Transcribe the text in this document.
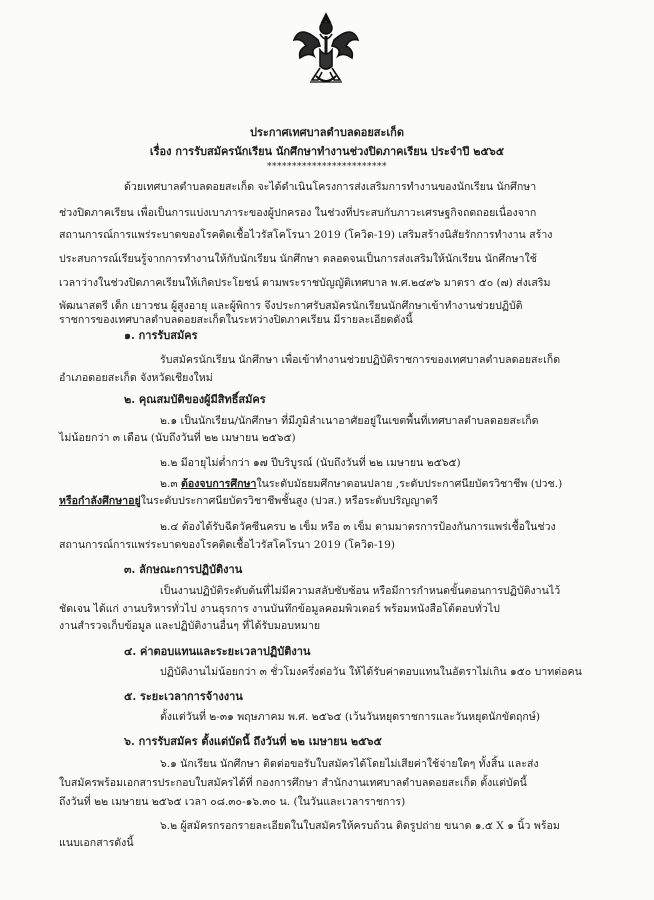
ประกาศเทศบาลตำบลดอยสะเก็ด
เรื่อง การรับสมัครนักเรียน นักศึกษาทำงานช่วงปิดภาคเรียน ประจำปี ๒๕๖๕
************************
ด้วยเทศบาลตำบลดอยสะเก็ด จะได้ดำเนินโครงการส่งเสริมการทำงานของนักเรียน นักศึกษา
ช่วงปิดภาคเรียน เพื่อเป็นการแบ่งเบาภาระของผู้ปกครอง ในช่วงที่ประสบกับภาวะเศรษฐกิจถดถอยเนื่องจาก
สถานการณ์การแพร่ระบาดของโรคติดเชื้อไวรัสโคโรนา 2019 (โควิด-19) เสริมสร้างนิสัยรักการทำงาน สร้าง
ประสบการณ์เรียนรู้จากการทำงานให้กับนักเรียน นักศึกษา ตลอดจนเป็นการส่งเสริมให้นักเรียน นักศึกษาใช้
เวลาว่างในช่วงปิดภาคเรียนให้เกิดประโยชน์ ตามพระราชบัญญัติเทศบาล พ.ศ.๒๔๙๖ มาตรา ๕๐ (๗) ส่งเสริม
พัฒนาสตรี เด็ก เยาวชน ผู้สูงอายุ และผู้พิการ จึงประกาศรับสมัครนักเรียนนักศึกษาเข้าทำงานช่วยปฏิบัติ
ราชการของเทศบาลตำบลดอยสะเก็ดในระหว่างปิดภาคเรียน มีรายละเอียดดังนี้
๑. การรับสมัคร
รับสมัครนักเรียน นักศึกษา เพื่อเข้าทำงานช่วยปฏิบัติราชการของเทศบาลตำบลดอยสะเก็ด
อำเภอดอยสะเก็ด จังหวัดเชียงใหม่
๒. คุณสมบัติของผู้มีสิทธิ์สมัคร
๒.๑ เป็นนักเรียน/นักศึกษา ที่มีภูมิลำเนาอาศัยอยู่ในเขตพื้นที่เทศบาลตำบลดอยสะเก็ด
ไม่น้อยกว่า ๓ เดือน (นับถึงวันที่ ๒๒ เมษายน ๒๕๖๕)
๒.๒ มีอายุไม่ต่ำกว่า ๑๗ ปีบริบูรณ์ (นับถึงวันที่ ๒๒ เมษายน ๒๕๖๕)
๒.๓ ต้องจบการศึกษาในระดับมัธยมศึกษาตอนปลาย ,ระดับประกาศนียบัตรวิชาชีพ (ปวช.)
หรือกำลังศึกษาอยู่ในระดับประกาศนียบัตรวิชาชีพชั้นสูง (ปวส.) หรือระดับปริญญาตรี
๒.๔ ต้องได้รับฉีดวัคซีนครบ ๒ เข็ม หรือ ๓ เข็ม ตามมาตรการป้องกันการแพร่เชื้อในช่วง
สถานการณ์การแพร่ระบาดของโรคติดเชื้อไวรัสโคโรนา 2019 (โควิด-19)
๓. ลักษณะการปฏิบัติงาน
เป็นงานปฏิบัติระดับต้นที่ไม่มีความสลับซับซ้อน หรือมีการกำหนดขั้นตอนการปฏิบัติงานไว้
ชัดเจน ได้แก่ งานบริหารทั่วไป งานธุรการ งานบันทึกข้อมูลคอมพิวเตอร์ พร้อมหนังสือโต้ตอบทั่วไป
งานสำรวจเก็บข้อมูล และปฏิบัติงานอื่นๆ ที่ได้รับมอบหมาย
๔. ค่าตอบแทนและระยะเวลาปฏิบัติงาน
ปฏิบัติงานไม่น้อยกว่า ๓ ชั่วโมงครึ่งต่อวัน ให้ได้รับค่าตอบแทนในอัตราไม่เกิน ๑๕๐ บาทต่อคน
๕. ระยะเวลาการจ้างงาน
ตั้งแต่วันที่ ๒-๓๑ พฤษภาคม พ.ศ. ๒๕๖๕ (เว้นวันหยุดราชการและวันหยุดนักขัตฤกษ์)
๖. การรับสมัคร ตั้งแต่บัดนี้ ถึงวันที่ ๒๒ เมษายน ๒๕๖๕
๖.๑ นักเรียน นักศึกษา ติดต่อขอรับใบสมัครได้โดยไม่เสียค่าใช้จ่ายใดๆ ทั้งสิ้น และส่ง
ใบสมัครพร้อมเอกสารประกอบใบสมัครได้ที่ กองการศึกษา สำนักงานเทศบาลตำบลดอยสะเก็ด ตั้งแต่บัดนี้
ถึงวันที่ ๒๒ เมษายน ๒๕๖๕ เวลา ๐๘.๓๐-๑๖.๓๐ น. (ในวันและเวลาราชการ)
๖.๒ ผู้สมัครกรอกรายละเอียดในใบสมัครให้ครบถ้วน ติดรูปถ่าย ขนาด ๑.๕ X ๑ นิ้ว พร้อม
แนบเอกสารดังนี้
